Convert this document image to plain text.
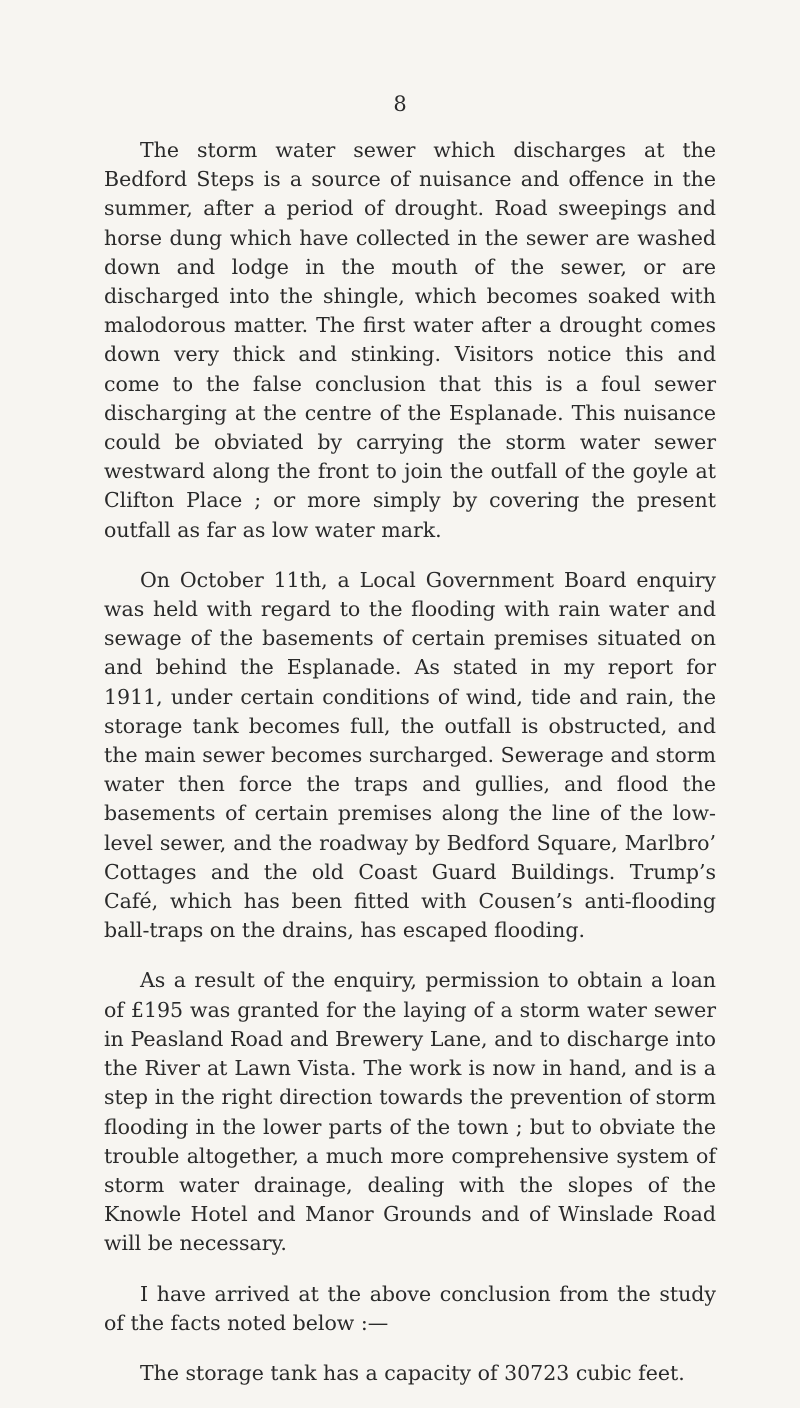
8

The storm water sewer which discharges at the Bedford Steps is a source of nuisance and offence in the summer, after a period of drought. Road sweepings and horse dung which have collected in the sewer are washed down and lodge in the mouth of the sewer, or are discharged into the shingle, which becomes soaked with malodorous matter. The first water after a drought comes down very thick and stinking. Visitors notice this and come to the false conclusion that this is a foul sewer discharging at the centre of the Esplanade. This nuisance could be obviated by carrying the storm water sewer westward along the front to join the outfall of the goyle at Clifton Place ; or more simply by covering the present outfall as far as low water mark.

On October 11th, a Local Government Board enquiry was held with regard to the flooding with rain water and sewage of the basements of certain premises situated on and behind the Esplanade. As stated in my report for 1911, under certain conditions of wind, tide and rain, the storage tank becomes full, the outfall is obstructed, and the main sewer becomes surcharged. Sewerage and storm water then force the traps and gullies, and flood the basements of certain premises along the line of the low-level sewer, and the roadway by Bedford Square, Marlbro’ Cottages and the old Coast Guard Buildings. Trump’s Café, which has been fitted with Cousen’s anti-flooding ball-traps on the drains, has escaped flooding.

As a result of the enquiry, permission to obtain a loan of £195 was granted for the laying of a storm water sewer in Peasland Road and Brewery Lane, and to discharge into the River at Lawn Vista. The work is now in hand, and is a step in the right direction towards the prevention of storm flooding in the lower parts of the town ; but to obviate the trouble altogether, a much more comprehensive system of storm water drainage, dealing with the slopes of the Knowle Hotel and Manor Grounds and of Winslade Road will be necessary.

I have arrived at the above conclusion from the study of the facts noted below :—

The storage tank has a capacity of 30723 cubic feet.
